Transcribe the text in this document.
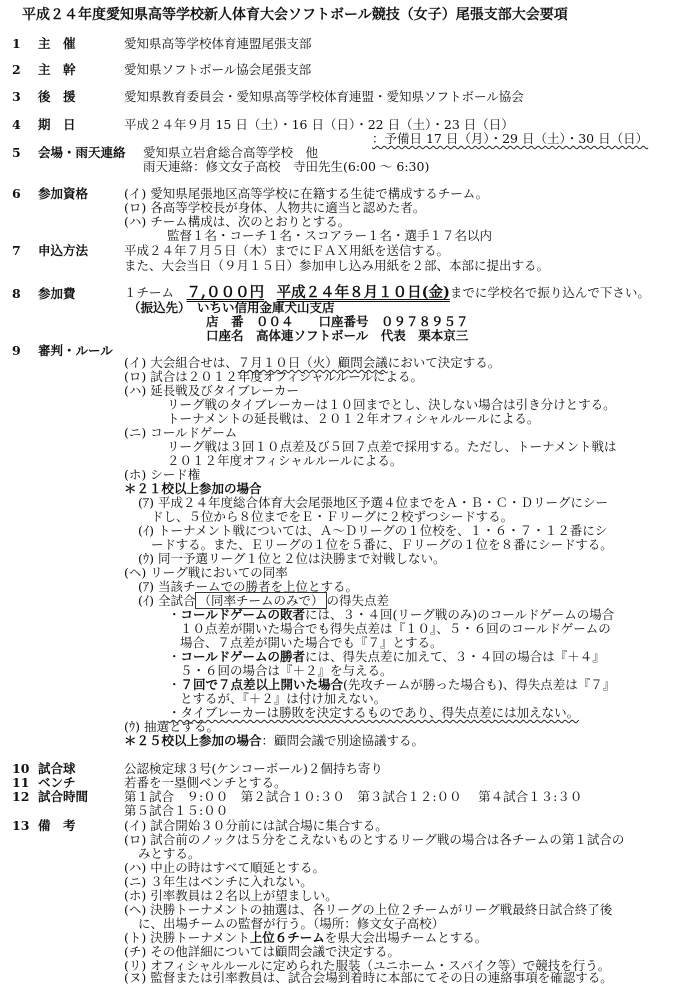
平成２４年度愛知県高等学校新人体育大会ソフトボール競技（女子）尾張支部大会要項
1 主　催	愛知県高等学校体育連盟尾張支部
2 主　幹	愛知県ソフトボール協会尾張支部
3 後　援	愛知県教育委員会・愛知県高等学校体育連盟・愛知県ソフトボール協会
4 期　日	平成２４年９月 15 日（土）・16 日（日）・22 日（土）・23 日（日）
：予備日 17 日（月）・29 日（土）・30 日（日）
5 会場・雨天連絡 愛知県立岩倉総合高等学校　他
雨天連絡：修文女子高校　寺田先生(6:00 ～ 6:30)
6 参加資格	(イ) 愛知県尾張地区高等学校に在籍する生徒で構成するチーム。
(ロ) 各高等学校長が身体、人物共に適当と認めた者。
(ハ) チーム構成は、次のとおりとする。
監督１名・コーチ１名・スコアラー１名・選手１７名以内
7 申込方法	平成２４年７月５日（木）までにＦＡＸ用紙を送信する。
また、大会当日（９月１５日）参加申し込み用紙を２部、本部に提出する。
8 参加費	１チーム　 ７,０００円　 平成２４年８月１０日(金)までに学校名で振り込んで下さい。
（振込先） いちい信用金庫犬山支店
店　番　００４　　口座番号　０９７８９５７
口座名　高体連ソフトボール　代表　栗本京三
9 審判・ルール
(イ) 大会組合せは、７月１０日（火）顧問会議において決定する。
(ロ) 試合は２０１２年度オフィシャルルールによる。
(ハ) 延長戦及びタイブレーカー
リーグ戦のタイブレーカーは１０回までとし、決しない場合は引き分けとする。
トーナメントの延長戦は、２０１２年オフィシャルルールによる。
(ニ) コールドゲーム
リーグ戦は３回１０点差及び５回７点差で採用する。ただし、トーナメント戦は
２０１２年度オフィシャルルールによる。
(ホ) シード権
＊２１校以上参加の場合
(ｱ) 平成２４年度総合体育大会尾張地区予選４位までをＡ・Ｂ・Ｃ・Ｄリーグにシー
ドし、５位から８位までをＥ・Ｆリーグに２校ずつシードする。
(ｲ) トーナメント戦については、Ａ～Ｄリーグの１位校を、１・６・７・１２番にシ
ードする。また、Ｅリーグの１位を５番に、Ｆリーグの１位を８番にシードする。
(ｳ) 同一予選リーグ１位と２位は決勝まで対戦しない。
(ヘ) リーグ戦においての同率
(ｱ) 当該チームでの勝者を上位とする。
(ｲ) 全試合 （同率チームのみで） の得失点差
・コールドゲームの敗者には、３・４回(リーグ戦のみ)のコールドゲームの場合
１０点差が開いた場合でも得失点差は『１０』、５・６回のコールドゲームの
場合、７点差が開いた場合でも『７』とする。
・コールドゲームの勝者には、得失点差に加えて、３・４回の場合は『＋４』
５・６回の場合は『＋２』を与える。
・７回で７点差以上開いた場合(先攻チームが勝った場合も)、得失点差は『７』
とするが、『＋２』は付け加えない。
・タイブレーカーは勝敗を決定するものであり、得失点差には加えない。
(ｳ) 抽選とする。
＊２５校以上参加の場合：顧問会議で別途協議する。
10 試合球	公認検定球３号(ケンコーボール)２個持ち寄り
11 ベンチ	若番を一塁側ベンチとする。
12 試合時間	第１試合　９:００　第２試合１０:３０　第３試合１２:００　 第４試合１３:３０
第５試合１５:００
13 備　考	(イ) 試合開始３０分前には試合場に集合する。
(ロ) 試合前のノックは５分をこえないものとするリーグ戦の場合は各チームの第１試合の
みとする。
(ハ) 中止の時はすべて順延とする。
(ニ) ３年生はベンチに入れない。
(ホ) 引率教員は２名以上が望ましい。
(ヘ) 決勝トーナメントの抽選は、各リーグの上位２チームがリーグ戦最終日試合終了後
に、出場チームの監督が行う。（場所：修文女子高校）
(ト) 決勝トーナメント上位６チームを県大会出場チームとする。
(チ) その他詳細については顧問会議で決定する。
(リ) オフィシャルルールに定められた服装（ユニホーム・スパイク等）で競技を行う。
(ヌ) 監督または引率教員は、試合会場到着時に本部にてその日の連絡事項を確認する。
